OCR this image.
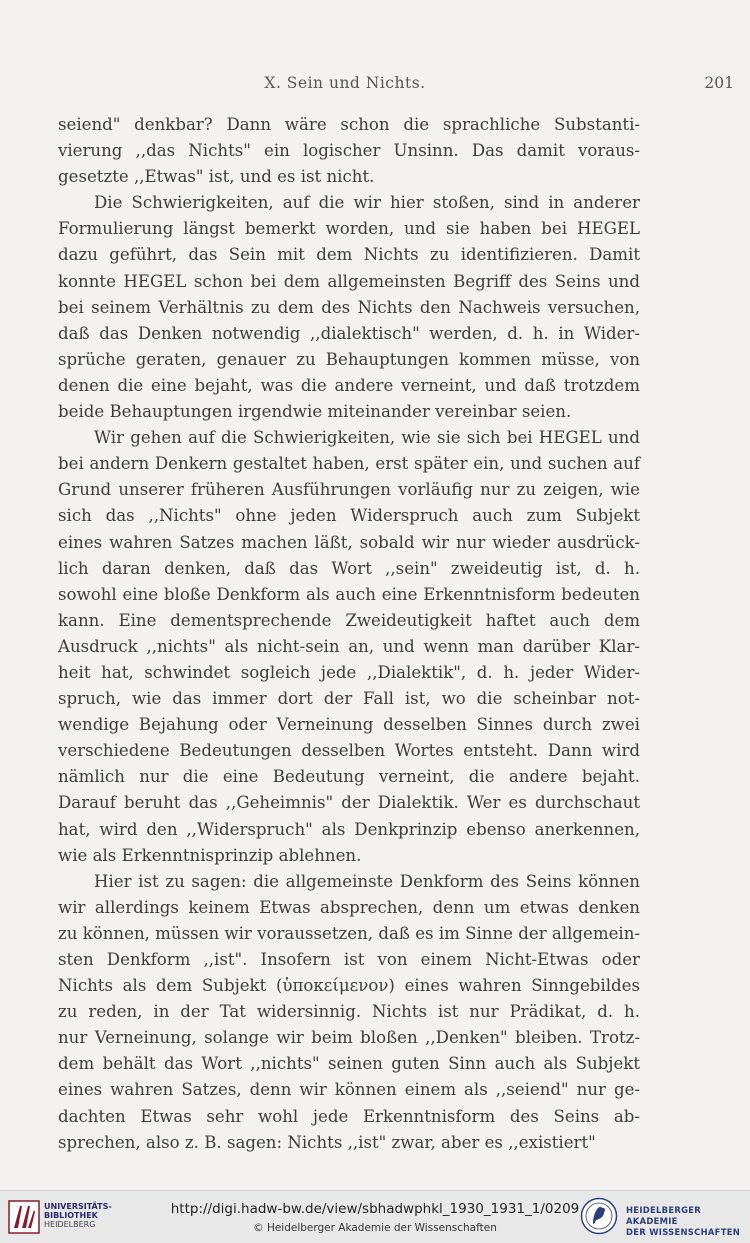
X. Sein und Nichts.	201
seiend" denkbar? Dann wäre schon die sprachliche Substanti-
vierung ,,das Nichts" ein logischer Unsinn. Das damit voraus-
gesetzte ,,Etwas" ist, und es ist nicht.
Die Schwierigkeiten, auf die wir hier stoßen, sind in anderer
Formulierung längst bemerkt worden, und sie haben bei HEGEL
dazu geführt, das Sein mit dem Nichts zu identifizieren. Damit
konnte HEGEL schon bei dem allgemeinsten Begriff des Seins und
bei seinem Verhältnis zu dem des Nichts den Nachweis versuchen,
daß das Denken notwendig ,,dialektisch" werden, d. h. in Wider-
sprüche geraten, genauer zu Behauptungen kommen müsse, von
denen die eine bejaht, was die andere verneint, und daß trotzdem
beide Behauptungen irgendwie miteinander vereinbar seien.
Wir gehen auf die Schwierigkeiten, wie sie sich bei HEGEL und
bei andern Denkern gestaltet haben, erst später ein, und suchen auf
Grund unserer früheren Ausführungen vorläufig nur zu zeigen, wie
sich das ,,Nichts" ohne jeden Widerspruch auch zum Subjekt
eines wahren Satzes machen läßt, sobald wir nur wieder ausdrück-
lich daran denken, daß das Wort ,,sein" zweideutig ist, d. h.
sowohl eine bloße Denkform als auch eine Erkenntnisform bedeuten
kann. Eine dementsprechende Zweideutigkeit haftet auch dem
Ausdruck ,,nichts" als nicht-sein an, und wenn man darüber Klar-
heit hat, schwindet sogleich jede ,,Dialektik", d. h. jeder Wider-
spruch, wie das immer dort der Fall ist, wo die scheinbar not-
wendige Bejahung oder Verneinung desselben Sinnes durch zwei
verschiedene Bedeutungen desselben Wortes entsteht. Dann wird
nämlich nur die eine Bedeutung verneint, die andere bejaht.
Darauf beruht das ,,Geheimnis" der Dialektik. Wer es durchschaut
hat, wird den ,,Widerspruch" als Denkprinzip ebenso anerkennen,
wie als Erkenntnisprinzip ablehnen.
Hier ist zu sagen: die allgemeinste Denkform des Seins können
wir allerdings keinem Etwas absprechen, denn um etwas denken
zu können, müssen wir voraussetzen, daß es im Sinne der allgemein-
sten Denkform ,,ist". Insofern ist von einem Nicht-Etwas oder
Nichts als dem Subjekt (ὑποκείμενον) eines wahren Sinngebildes
zu reden, in der Tat widersinnig. Nichts ist nur Prädikat, d. h.
nur Verneinung, solange wir beim bloßen ,,Denken" bleiben. Trotz-
dem behält das Wort ,,nichts" seinen guten Sinn auch als Subjekt
eines wahren Satzes, denn wir können einem als ,,seiend" nur ge-
dachten Etwas sehr wohl jede Erkenntnisform des Seins ab-
sprechen, also z. B. sagen: Nichts ,,ist" zwar, aber es ,,existiert"
UNIVERSITÄTS-
BIBLIOTHEK
HEIDELBERG
http://digi.hadw-bw.de/view/sbhadwphkl_1930_1931_1/0209
© Heidelberger Akademie der Wissenschaften
HEIDELBERGER AKADEMIE
DER WISSENSCHAFTEN
